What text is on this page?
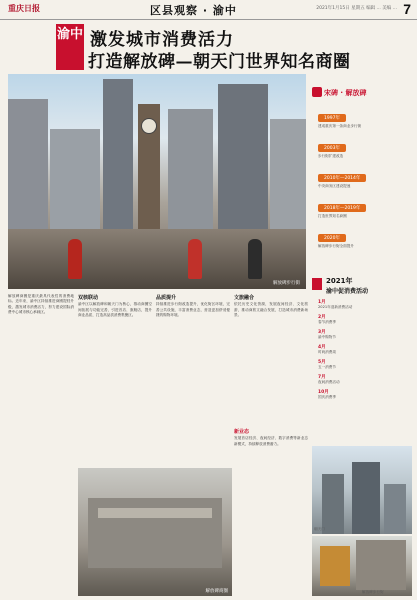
重庆日报	区县观察 · 渝中	2021年1月15日 星期五 编辑 ... 美编 ... 7
渝中 激发城市消费活力
打造解放碑—朝天门世界知名商圈
解放碑步行街
宋碑 · 解放碑
1997年
建成重庆第一条商业步行街
2003年
步行街扩建改造
2010年—2014年
中央商务区建设提速
2018年—2019年
打造世界知名商圈
2020年
解放碑步行街全面提升
2021年
渝中促消费活动
1月
2021年迎新消费活动
2月
春节消费季
3月
渝中购物节
4月
时尚消费周
5月
五一消费节
7月
夜间消费活动
10月
国庆消费季
解放碑商圈是重庆最具代表性的消费地标。近年来，渝中区持续推进商圈提档升级，激发城市消费活力，努力建设国际消费中心城市核心承载区。
双核联动
渝中区以解放碑和朝天门为核心，推动商圈空间拓展与功能完善，引进首店、旗舰店，提升商业品质，打造高品质消费集聚区。
品质提升
持续推进步行街改造提升，优化街区环境，完善公共设施，丰富消费业态，营造更加舒适便捷的购物环境。
文旅融合
依托历史文化资源，发展夜间经济、文化旅游，推动商旅文融合发展，打造城市消费新场景。
新业态
发展首店经济、夜间经济、数字消费等新业态新模式，持续释放消费潜力。
解放碑商圈
朝天门
解放碑步行街
